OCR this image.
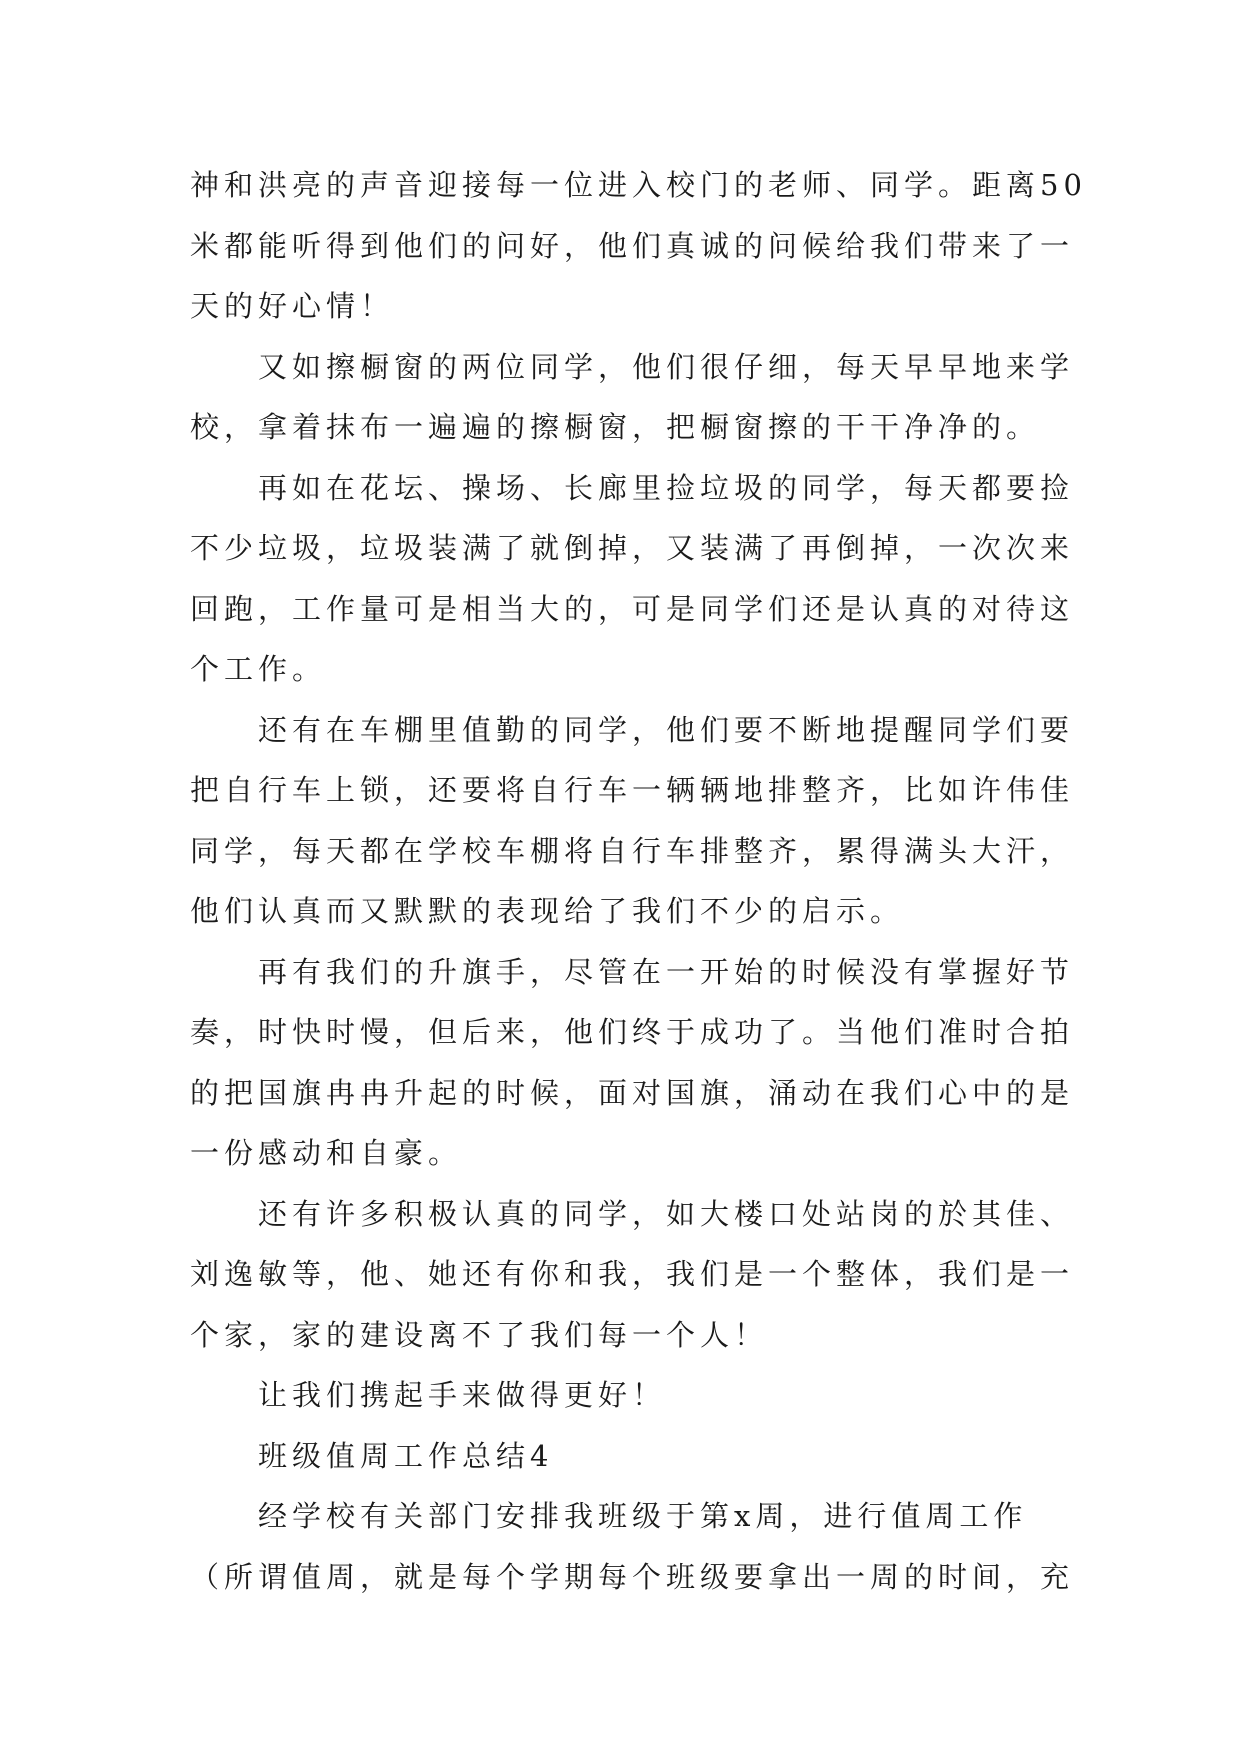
神和洪亮的声音迎接每一位进入校门的老师、同学。距离50
米都能听得到他们的问好，他们真诚的问候给我们带来了一
天的好心情！
又如擦橱窗的两位同学，他们很仔细，每天早早地来学
校，拿着抹布一遍遍的擦橱窗，把橱窗擦的干干净净的。
再如在花坛、操场、长廊里捡垃圾的同学，每天都要捡
不少垃圾，垃圾装满了就倒掉，又装满了再倒掉，一次次来
回跑，工作量可是相当大的，可是同学们还是认真的对待这
个工作。
还有在车棚里值勤的同学，他们要不断地提醒同学们要
把自行车上锁，还要将自行车一辆辆地排整齐，比如许伟佳
同学，每天都在学校车棚将自行车排整齐，累得满头大汗，
他们认真而又默默的表现给了我们不少的启示。
再有我们的升旗手，尽管在一开始的时候没有掌握好节
奏，时快时慢，但后来，他们终于成功了。当他们准时合拍
的把国旗冉冉升起的时候，面对国旗，涌动在我们心中的是
一份感动和自豪。
还有许多积极认真的同学，如大楼口处站岗的於其佳、
刘逸敏等，他、她还有你和我，我们是一个整体，我们是一
个家，家的建设离不了我们每一个人！
让我们携起手来做得更好！
班级值周工作总结4
经学校有关部门安排我班级于第x周，进行值周工作
（所谓值周，就是每个学期每个班级要拿出一周的时间，充
